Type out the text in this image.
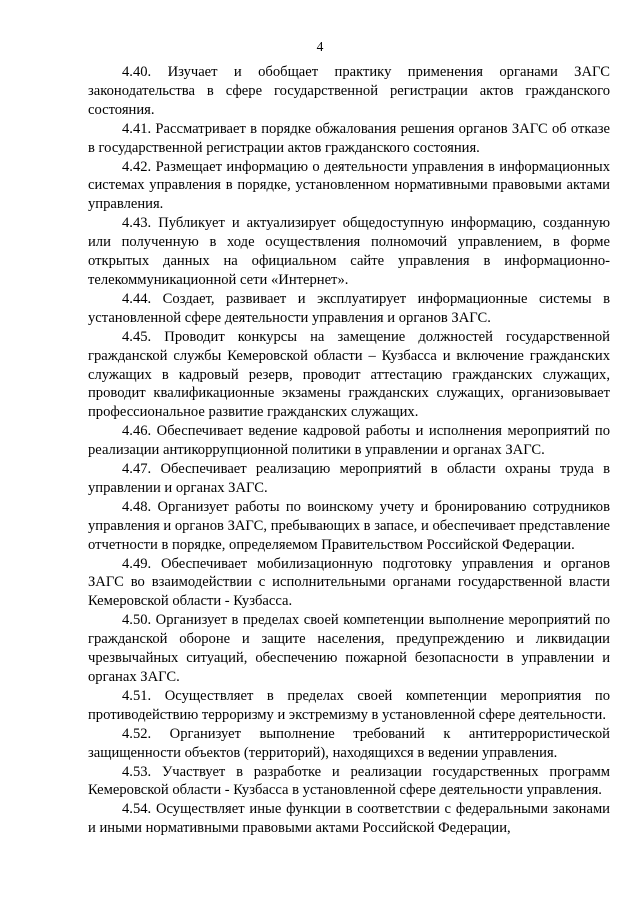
4

4.40. Изучает и обобщает практику применения органами ЗАГС законодательства в сфере государственной регистрации актов гражданского состояния.

4.41. Рассматривает в порядке обжалования решения органов ЗАГС об отказе в государственной регистрации актов гражданского состояния.

4.42. Размещает информацию о деятельности управления в информационных системах управления в порядке, установленном нормативными правовыми актами управления.

4.43. Публикует и актуализирует общедоступную информацию, созданную или полученную в ходе осуществления полномочий управлением, в форме открытых данных на официальном сайте управления в информационно-телекоммуникационной сети «Интернет».

4.44. Создает, развивает и эксплуатирует информационные системы в установленной сфере деятельности управления и органов ЗАГС.

4.45. Проводит конкурсы на замещение должностей государственной гражданской службы Кемеровской области – Кузбасса и включение гражданских служащих в кадровый резерв, проводит аттестацию гражданских служащих, проводит квалификационные экзамены гражданских служащих, организовывает профессиональное развитие гражданских служащих.

4.46. Обеспечивает ведение кадровой работы и исполнения мероприятий по реализации антикоррупционной политики в управлении и органах ЗАГС.

4.47. Обеспечивает реализацию мероприятий в области охраны труда в управлении и органах ЗАГС.

4.48. Организует работы по воинскому учету и бронированию сотрудников управления и органов ЗАГС, пребывающих в запасе, и обеспечивает представление отчетности в порядке, определяемом Правительством Российской Федерации.

4.49. Обеспечивает мобилизационную подготовку управления и органов ЗАГС во взаимодействии с исполнительными органами государственной власти Кемеровской области - Кузбасса.

4.50. Организует в пределах своей компетенции выполнение мероприятий по гражданской обороне и защите населения, предупреждению и ликвидации чрезвычайных ситуаций, обеспечению пожарной безопасности в управлении и органах ЗАГС.

4.51. Осуществляет в пределах своей компетенции мероприятия по противодействию терроризму и экстремизму в установленной сфере деятельности.

4.52. Организует выполнение требований к антитеррористической защищенности объектов (территорий), находящихся в ведении управления.

4.53. Участвует в разработке и реализации государственных программ Кемеровской области - Кузбасса в установленной сфере деятельности управления.

4.54. Осуществляет иные функции в соответствии с федеральными законами и иными нормативными правовыми актами Российской Федерации,
